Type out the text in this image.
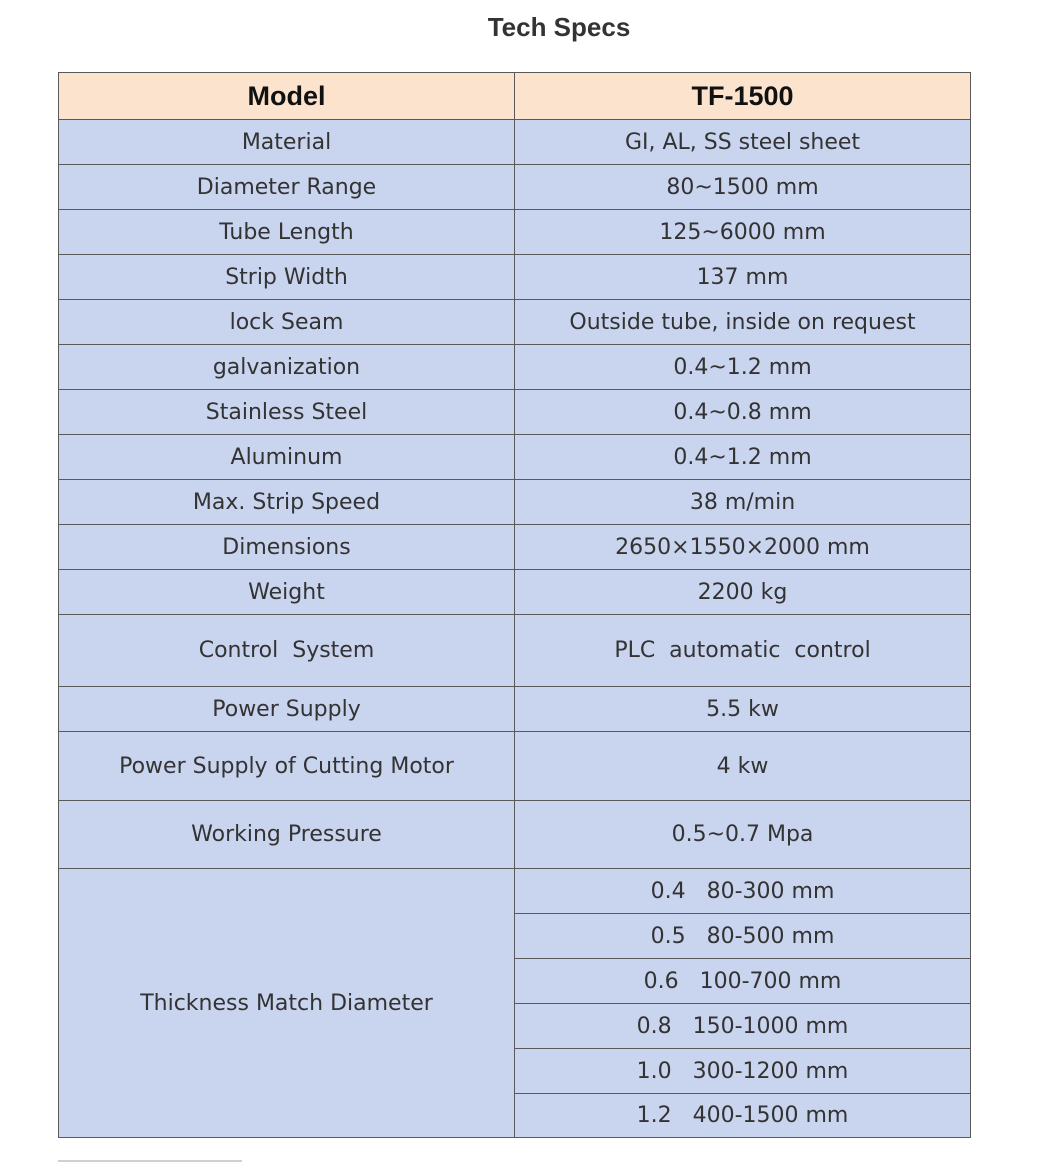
Tech Specs
Model	TF-1500
Material	GI, AL, SS steel sheet
Diameter Range	80~1500 mm
Tube Length	125~6000 mm
Strip Width	137 mm
lock Seam	Outside tube, inside on request
galvanization	0.4~1.2 mm
Stainless Steel	0.4~0.8 mm
Aluminum	0.4~1.2 mm
Max. Strip Speed	38 m/min
Dimensions	2650×1550×2000 mm
Weight	2200 kg
Control  System	PLC  automatic  control
Power Supply	5.5 kw
Power Supply of Cutting Motor	4 kw
Working Pressure	0.5~0.7 Mpa
Thickness Match Diameter	0.4   80-300 mm
	0.5   80-500 mm
	0.6   100-700 mm
	0.8   150-1000 mm
	1.0   300-1200 mm
	1.2   400-1500 mm
